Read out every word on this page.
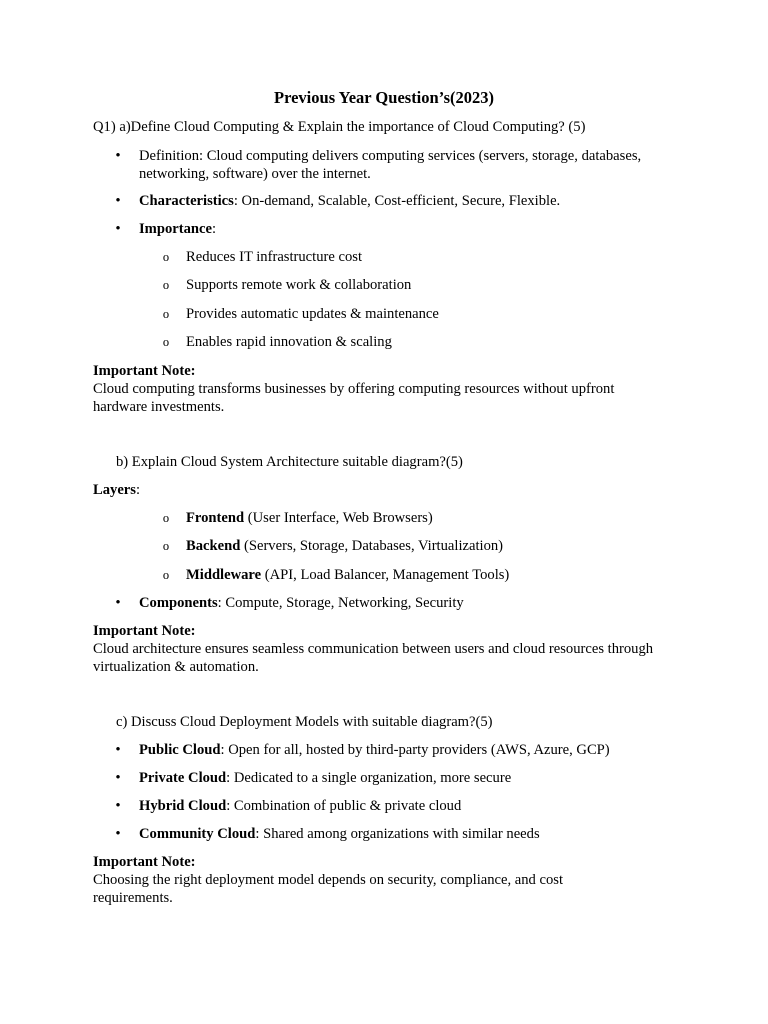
Previous Year Question’s(2023)
Q1) a)Define Cloud Computing & Explain the importance of Cloud Computing? (5)
• Definition: Cloud computing delivers computing services (servers, storage, databases, networking, software) over the internet.
• Characteristics: On-demand, Scalable, Cost-efficient, Secure, Flexible.
• Importance:
o Reduces IT infrastructure cost
o Supports remote work & collaboration
o Provides automatic updates & maintenance
o Enables rapid innovation & scaling
Important Note:
Cloud computing transforms businesses by offering computing resources without upfront hardware investments.
b) Explain Cloud System Architecture suitable diagram?(5)
Layers:
o Frontend (User Interface, Web Browsers)
o Backend (Servers, Storage, Databases, Virtualization)
o Middleware (API, Load Balancer, Management Tools)
• Components: Compute, Storage, Networking, Security
Important Note:
Cloud architecture ensures seamless communication between users and cloud resources through virtualization & automation.
c) Discuss Cloud Deployment Models with suitable diagram?(5)
• Public Cloud: Open for all, hosted by third-party providers (AWS, Azure, GCP)
• Private Cloud: Dedicated to a single organization, more secure
• Hybrid Cloud: Combination of public & private cloud
• Community Cloud: Shared among organizations with similar needs
Important Note:
Choosing the right deployment model depends on security, compliance, and cost requirements.
